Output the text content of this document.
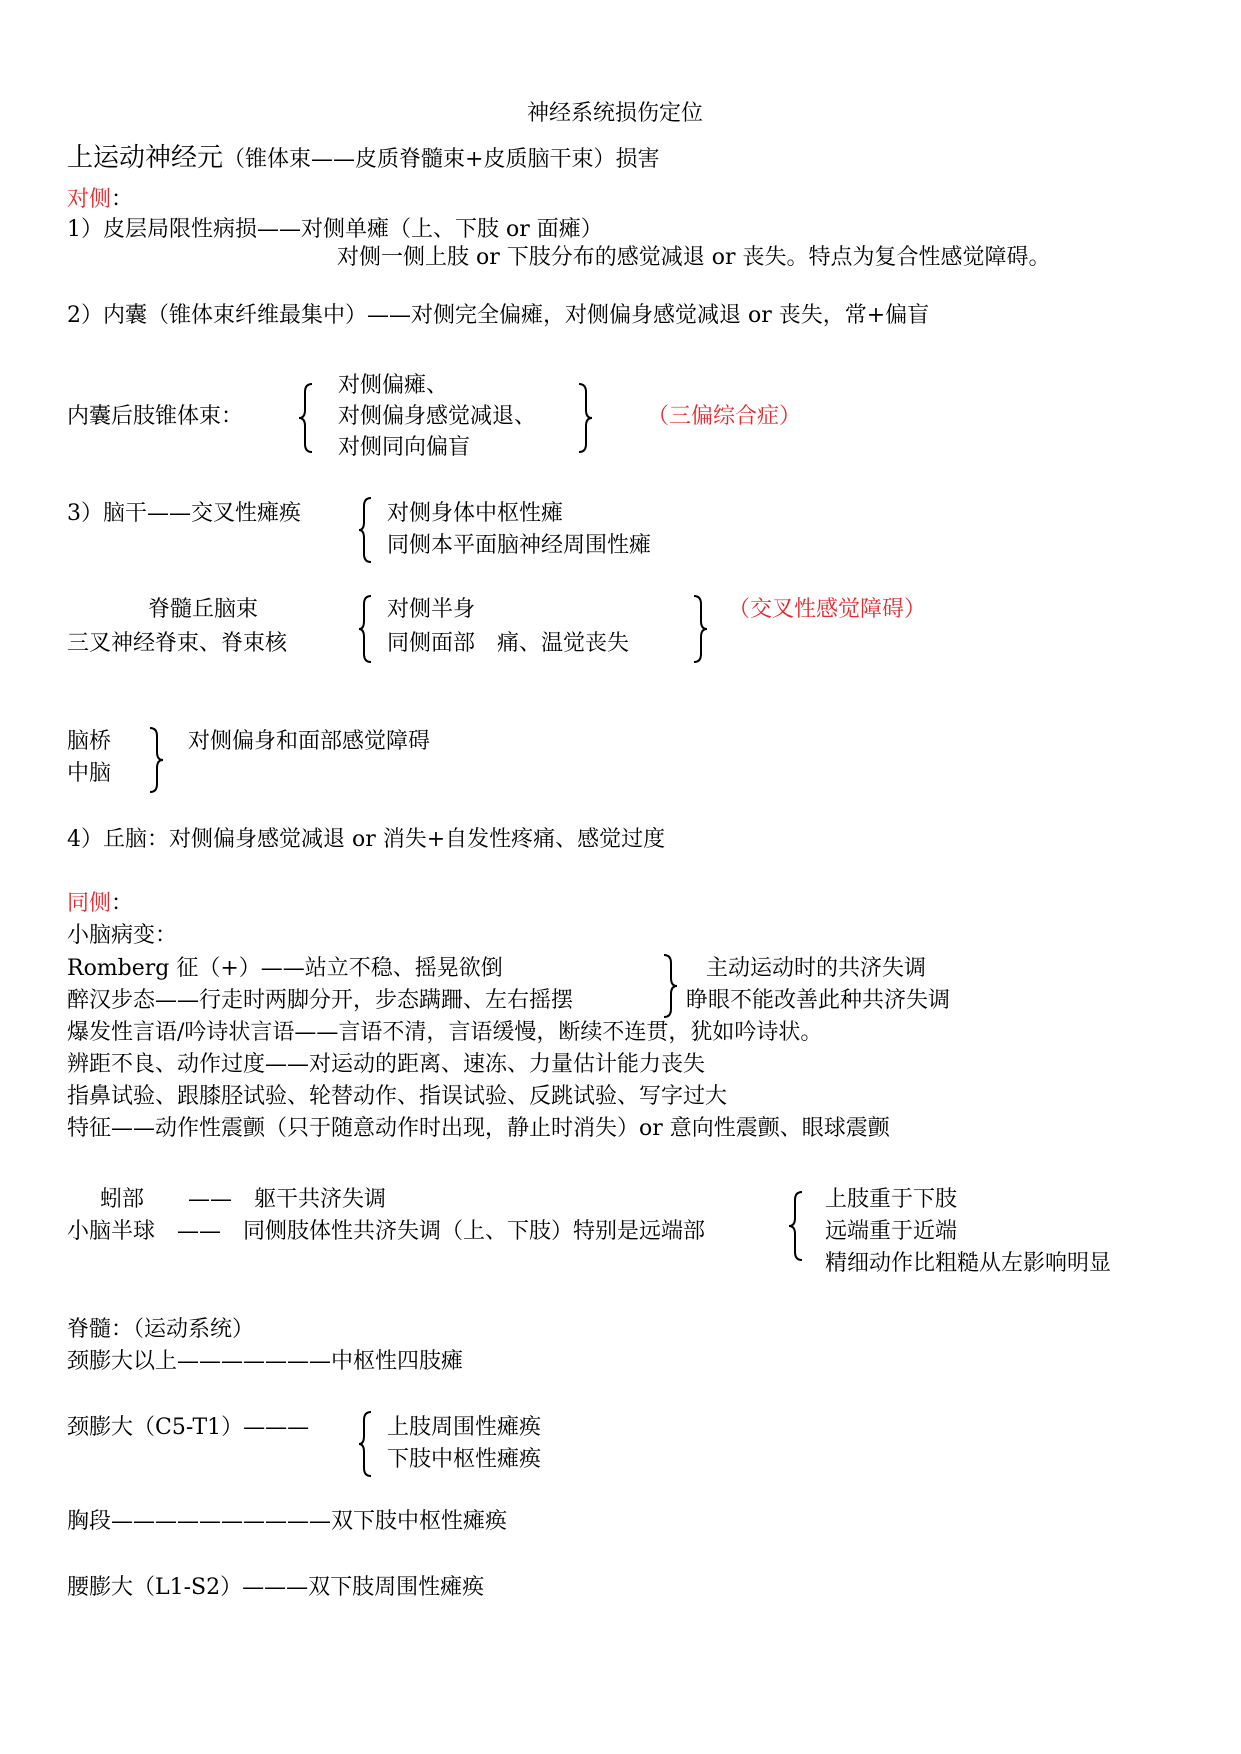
神经系统损伤定位
上运动神经元（锥体束——皮质脊髓束+皮质脑干束）损害
对侧：
1）皮层局限性病损——对侧单瘫（上、下肢 or 面瘫）
对侧一侧上肢 or 下肢分布的感觉减退 or 丧失。特点为复合性感觉障碍。
2）内囊（锥体束纤维最集中）——对侧完全偏瘫，对侧偏身感觉减退 or 丧失，常+偏盲
内囊后肢锥体束：
对侧偏瘫、
对侧偏身感觉减退、
对侧同向偏盲
（三偏综合症）
3）脑干——交叉性瘫痪	对侧身体中枢性瘫
同侧本平面脑神经周围性瘫
脊髓丘脑束
三叉神经脊束、脊束核
对侧半身
同侧面部　痛、温觉丧失
（交叉性感觉障碍）
脑桥
中脑
对侧偏身和面部感觉障碍
4）丘脑：对侧偏身感觉减退 or 消失+自发性疼痛、感觉过度
同侧：
小脑病变：
Romberg 征（+）——站立不稳、摇晃欲倒
醉汉步态——行走时两脚分开，步态蹒跚、左右摇摆
主动运动时的共济失调
睁眼不能改善此种共济失调
爆发性言语/吟诗状言语——言语不清，言语缓慢，断续不连贯，犹如吟诗状。
辨距不良、动作过度——对运动的距离、速冻、力量估计能力丧失
指鼻试验、跟膝胫试验、轮替动作、指误试验、反跳试验、写字过大
特征——动作性震颤（只于随意动作时出现，静止时消失）or 意向性震颤、眼球震颤
蚓部　　——　躯干共济失调
小脑半球　——　同侧肢体性共济失调（上、下肢）特别是远端部
上肢重于下肢
远端重于近端
精细动作比粗糙从左影响明显
脊髓：（运动系统）
颈膨大以上———————中枢性四肢瘫
颈膨大（C5-T1）———	上肢周围性瘫痪
下肢中枢性瘫痪
胸段——————————双下肢中枢性瘫痪
腰膨大（L1-S2）———双下肢周围性瘫痪
